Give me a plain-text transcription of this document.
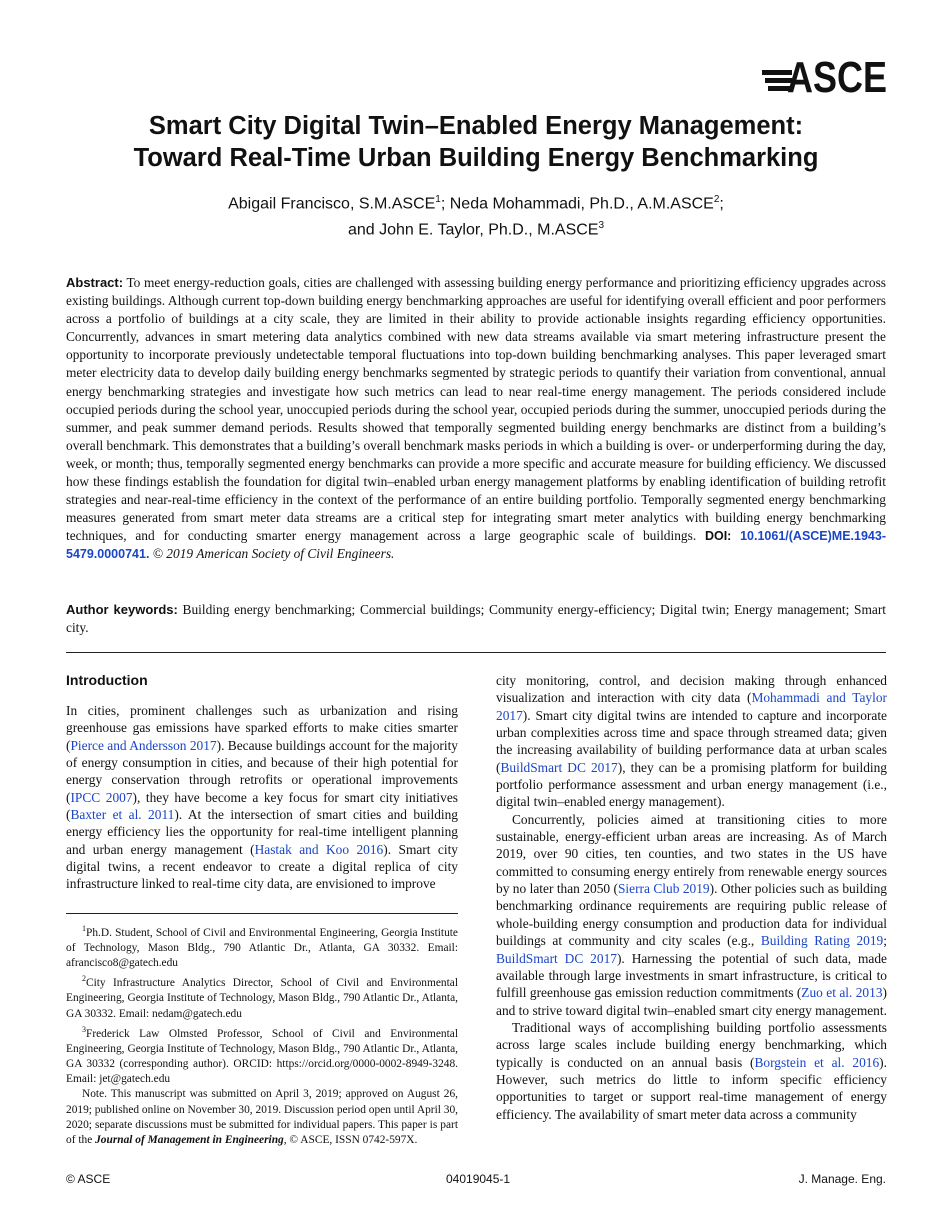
ASCE
Smart City Digital Twin–Enabled Energy Management:
Toward Real-Time Urban Building Energy Benchmarking
Abigail Francisco, S.M.ASCE$^1$; Neda Mohammadi, Ph.D., A.M.ASCE$^2$;
and John E. Taylor, Ph.D., M.ASCE$^3$
Abstract: To meet energy-reduction goals, cities are challenged with assessing building energy performance and prioritizing efficiency upgrades across existing buildings. Although current top-down building energy benchmarking approaches are useful for identifying overall efficient and poor performers across a portfolio of buildings at a city scale, they are limited in their ability to provide actionable insights regarding efficiency opportunities. Concurrently, advances in smart metering data analytics combined with new data streams available via smart metering infrastructure present the opportunity to incorporate previously undetectable temporal fluctuations into top-down building benchmarking analyses. This paper leveraged smart meter electricity data to develop daily building energy benchmarks segmented by strategic periods to quantify their variation from conventional, annual energy benchmarking strategies and investigate how such metrics can lead to near real-time energy management. The periods considered include occupied periods during the school year, unoccupied periods during the school year, occupied periods during the summer, unoccupied periods during the summer, and peak summer demand periods. Results showed that temporally segmented building energy benchmarks are distinct from a building’s overall benchmark. This demonstrates that a building’s overall benchmark masks periods in which a building is over- or underperforming during the day, week, or month; thus, temporally segmented energy benchmarks can provide a more specific and accurate measure for building efficiency. We discussed how these findings establish the foundation for digital twin–enabled urban energy management platforms by enabling identification of building retrofit strategies and near-real-time efficiency in the context of the performance of an entire building portfolio. Temporally segmented energy benchmarking measures generated from smart meter data streams are a critical step for integrating smart meter analytics with building energy benchmarking techniques, and for conducting smarter energy management across a large geographic scale of buildings. DOI: 10.1061/(ASCE)ME.1943-5479.0000741. © 2019 American Society of Civil Engineers.
Author keywords: Building energy benchmarking; Commercial buildings; Community energy-efficiency; Digital twin; Energy management; Smart city.
Introduction

In cities, prominent challenges such as urbanization and rising greenhouse gas emissions have sparked efforts to make cities smarter (Pierce and Andersson 2017). Because buildings account for the majority of energy consumption in cities, and because of their high potential for energy conservation through retrofits or operational improvements (IPCC 2007), they have become a key focus for smart city initiatives (Baxter et al. 2011). At the intersection of smart cities and building energy efficiency lies the opportunity for real-time intelligent planning and urban energy management (Hastak and Koo 2016). Smart city digital twins, a recent endeavor to create a digital replica of city infrastructure linked to real-time city data, are envisioned to improve

$^1$Ph.D. Student, School of Civil and Environmental Engineering, Georgia Institute of Technology, Mason Bldg., 790 Atlantic Dr., Atlanta, GA 30332. Email: afrancisco8@gatech.edu

$^2$City Infrastructure Analytics Director, School of Civil and Environmental Engineering, Georgia Institute of Technology, Mason Bldg., 790 Atlantic Dr., Atlanta, GA 30332. Email: nedam@gatech.edu

$^3$Frederick Law Olmsted Professor, School of Civil and Environmental Engineering, Georgia Institute of Technology, Mason Bldg., 790 Atlantic Dr., Atlanta, GA 30332 (corresponding author). ORCID: https://orcid.org/0000-0002-8949-3248. Email: jet@gatech.edu

Note. This manuscript was submitted on April 3, 2019; approved on August 26, 2019; published online on November 30, 2019. Discussion period open until April 30, 2020; separate discussions must be submitted for individual papers. This paper is part of the Journal of Management in Engineering, © ASCE, ISSN 0742-597X.

city monitoring, control, and decision making through enhanced visualization and interaction with city data (Mohammadi and Taylor 2017). Smart city digital twins are intended to capture and incorporate urban complexities across time and space through streamed data; given the increasing availability of building performance data at urban scales (BuildSmart DC 2017), they can be a promising platform for building portfolio performance assessment and urban energy management (i.e., digital twin–enabled energy management).

Concurrently, policies aimed at transitioning cities to more sustainable, energy-efficient urban areas are increasing. As of March 2019, over 90 cities, ten counties, and two states in the US have committed to consuming energy entirely from renewable energy sources by no later than 2050 (Sierra Club 2019). Other policies such as building benchmarking ordinance requirements are requiring public release of whole-building energy consumption and production data for individual buildings at community and city scales (e.g., Building Rating 2019; BuildSmart DC 2017). Harnessing the potential of such data, made available through large investments in smart infrastructure, is critical to fulfill greenhouse gas emission reduction commitments (Zuo et al. 2013) and to strive toward digital twin–enabled smart city energy management.

Traditional ways of accomplishing building portfolio assessments across large scales include building energy benchmarking, which typically is conducted on an annual basis (Borgstein et al. 2016). However, such metrics do little to inform specific efficiency opportunities to target or support real-time management of energy efficiency. The availability of smart meter data across a community

© ASCE	04019045-1	J. Manage. Eng.
